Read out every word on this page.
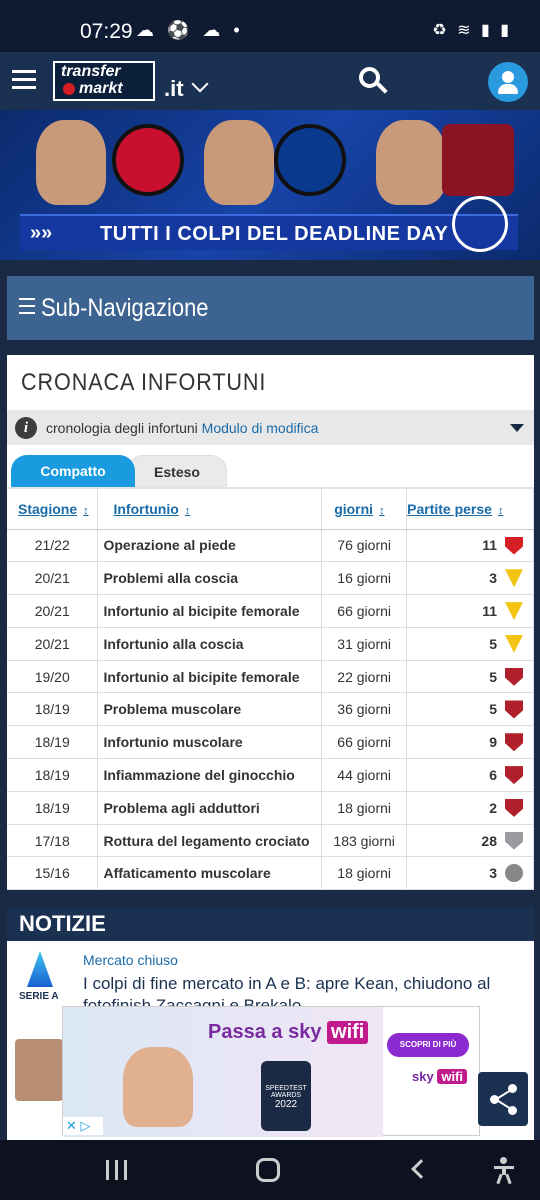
07:29 ☁ ⚽ ☁ •	♻ ≋ ▮ ▮
transfer
markt	.it
»» TUTTI I COLPI DEL DEADLINE DAY
Sub-Navigazione
CRONACA INFORTUNI
i	cronologia degli infortuni Modulo di modifica
Esteso
Compatto
Stagione ↕	Infortunio ↕	giorni ↕	Partite perse ↕
21/22	Operazione al piede	76 giorni	11

20/21	Problemi alla coscia	16 giorni	3

20/21	Infortunio al bicipite femorale	66 giorni	11

20/21	Infortunio alla coscia	31 giorni	5

19/20	Infortunio al bicipite femorale	22 giorni	5

18/19	Problema muscolare	36 giorni	5

18/19	Infortunio muscolare	66 giorni	9

18/19	Infiammazione del ginocchio	44 giorni	6

18/19	Problema agli adduttori	18 giorni	2

17/18	Rottura del legamento crociato	183 giorni	28

15/16	Affaticamento muscolare	18 giorni	3
NOTIZIE
SERIE A
Mercato chiuso
I colpi di fine mercato in A e B: apre Kean, chiudono al
Passa a sky wifi
SPEEDTEST AWARDS
2022
SCOPRI DI PIÙ
sky wifi
✕ ▷
